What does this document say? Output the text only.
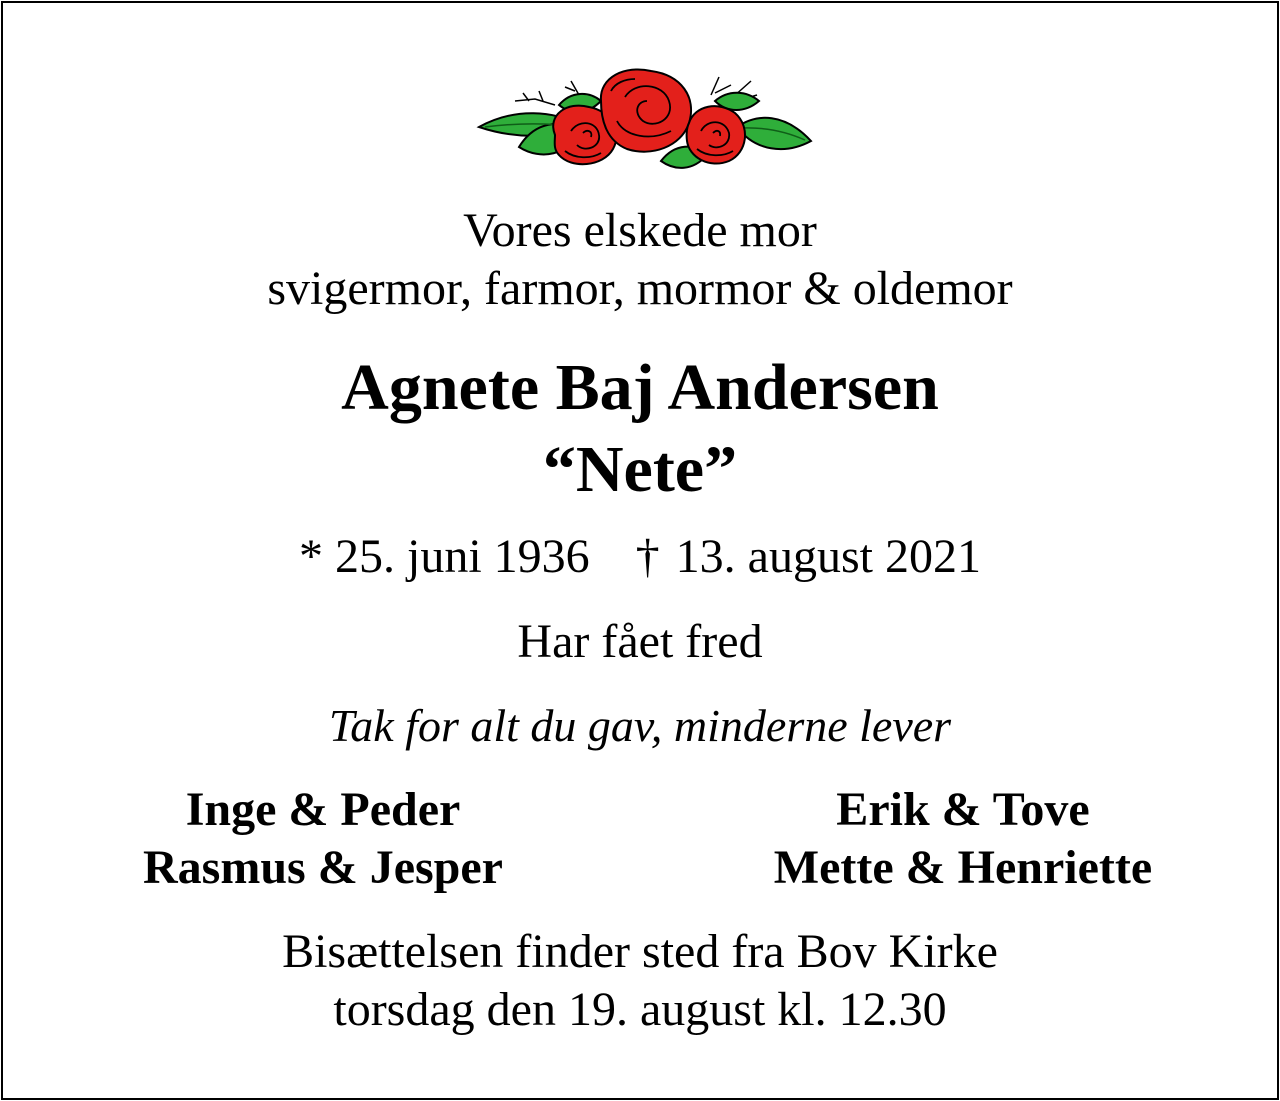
Vores elskede mor
svigermor, farmor, mormor & oldemor
Agnete Baj Andersen
“Nete”
* 25. juni 1936 † 13. august 2021
Har fået fred
Tak for alt du gav, minderne lever
Inge & Peder
Rasmus & Jesper
Erik & Tove
Mette & Henriette
Bisættelsen finder sted fra Bov Kirke
torsdag den 19. august kl. 12.30
